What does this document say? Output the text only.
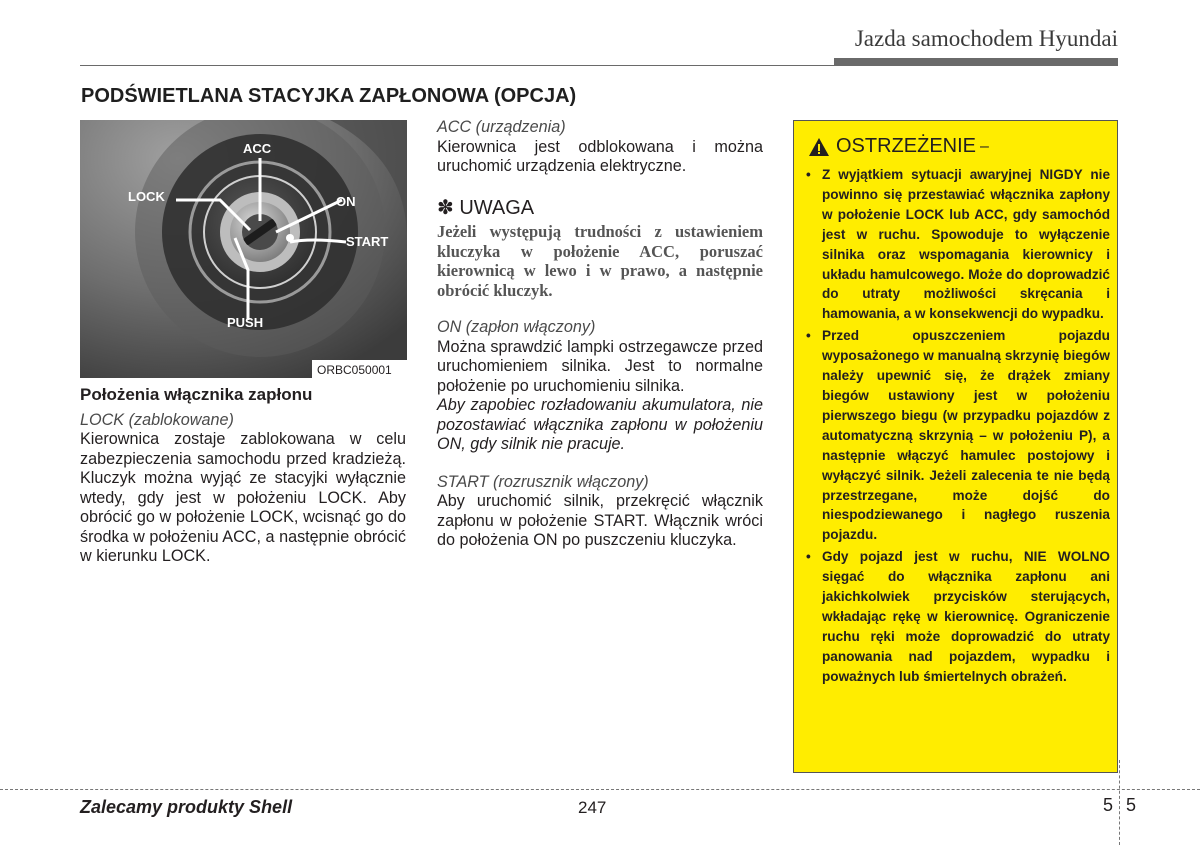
Jazda samochodem Hyundai
PODŚWIETLANA STACYJKA ZAPŁONOWA (OPCJA)
ACC
LOCK	ON
START
PUSH
ORBC050001

Położenia włącznika zapłonu

LOCK (zablokowane)

Kierownica zostaje zablokowana w celu zabezpieczenia samochodu przed kradzieżą. Kluczyk można wyjąć ze stacyjki wyłącznie wtedy, gdy jest w położeniu LOCK. Aby obrócić go w położenie LOCK, wcisnąć go do środka w położeniu ACC, a następnie obrócić w kierunku LOCK.

ACC (urządzenia)

Kierownica jest odblokowana i można uruchomić urządzenia elektryczne.

✽ UWAGA

Jeżeli występują trudności z ustawieniem kluczyka w położenie ACC, poruszać kierownicą w lewo i w prawo, a następnie obrócić kluczyk.

ON (zapłon włączony)

Można sprawdzić lampki ostrzegawcze przed uruchomieniem silnika. Jest to normalne położenie po uruchomieniu silnika.

Aby zapobiec rozładowaniu akumulatora, nie pozostawiać włącznika zapłonu w położeniu ON, gdy silnik nie pracuje.

START (rozrusznik włączony)

Aby uruchomić silnik, przekręcić włącznik zapłonu w położenie START. Włącznik wróci do położenia ON po puszczeniu kluczyka.

OSTRZEŻENIE –
• Z wyjątkiem sytuacji awaryjnej NIGDY nie powinno się przestawiać włącznika zapłony w położenie LOCK lub ACC, gdy samochód jest w ruchu. Spowoduje to wyłączenie silnika oraz wspomagania kierownicy i układu hamulcowego. Może do doprowadzić do utraty możliwości skręcania i hamowania, a w konsekwencji do wypadku.
• Przed opuszczeniem pojazdu wyposażonego w manualną skrzynię biegów należy upewnić się, że drążek zmiany biegów ustawiony jest w położeniu pierwszego biegu (w przypadku pojazdów z automatyczną skrzynią – w położeniu P), a następnie włączyć hamulec postojowy i wyłączyć silnik. Jeżeli zalecenia te nie będą przestrzegane, może dojść do niespodziewanego i nagłego ruszenia pojazdu.
• Gdy pojazd jest w ruchu, NIE WOLNO sięgać do włącznika zapłonu ani jakichkolwiek przycisków sterujących, wkładając rękę w kierownicę. Ograniczenie ruchu ręki może doprowadzić do utraty panowania nad pojazdem, wypadku i poważnych lub śmiertelnych obrażeń.
Zalecamy produkty Shell	247	5 5
